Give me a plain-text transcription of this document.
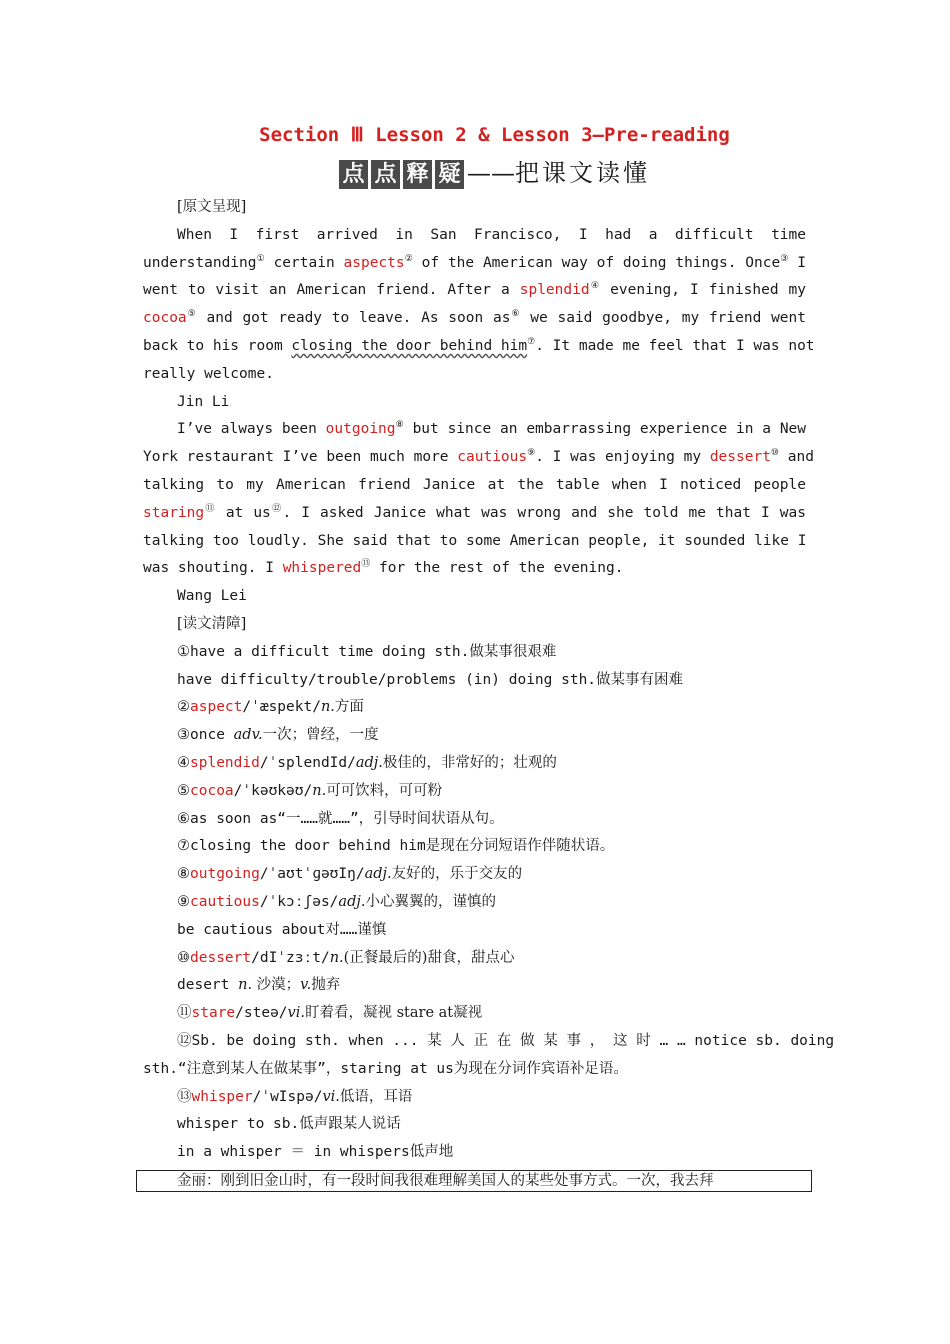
Section Ⅲ Lesson 2 & Lesson 3—Pre-reading
点 点 释 疑 ——把课文读懂
[原文呈现]
When I first arrived in San Francisco, I had a difficult time
understanding① certain aspects② of the American way of doing things. Once③ I
went to visit an American friend. After a splendid④ evening, I finished my
cocoa⑤ and got ready to leave. As soon as⑥ we said goodbye, my friend went
back to his room closing the door behind him⑦. It made me feel that I was not
really welcome.
Jin Li
I’ve always been outgoing⑧ but since an embarrassing experience in a New
York restaurant I’ve been much more cautious⑨. I was enjoying my dessert⑩ and
talking to my American friend Janice at the table when I noticed people
staring⑪ at us⑫. I asked Janice what was wrong and she told me that I was
talking too loudly. She said that to some American people, it sounded like I
was shouting. I whispered⑬ for the rest of the evening.
Wang Lei
[读文清障]
①have a difficult time doing sth.做某事很艰难
have difficulty/trouble/problems (in) doing sth.做某事有困难
②aspect/ˈæspekt/n.方面
③once adv.一次；曾经，一度
④splendid/ˈsplendId/adj.极佳的，非常好的；壮观的
⑤cocoa/ˈkəʊkəʊ/n.可可饮料，可可粉
⑥as soon as“一……就……”，引导时间状语从句。
⑦closing the door behind him是现在分词短语作伴随状语。
⑧outgoing/ˈaʊtˈɡəʊIŋ/adj.友好的，乐于交友的
⑨cautious/ˈkɔːʃəs/adj.小心翼翼的，谨慎的
be cautious about对……谨慎
⑩dessert/dIˈzɜːt/n.(正餐最后的)甜食，甜点心
desert n. 沙漠；v.抛弃
⑪stare/steə/vi.盯着看，凝视 stare at凝视
⑫Sb. be doing sth. when ... 某 人 正 在 做 某 事 ， 这 时 … … notice sb. doing
sth.“注意到某人在做某事”，staring at us为现在分词作宾语补足语。
⑬whisper/ˈwIspə/vi.低语，耳语
whisper to sb.低声跟某人说话
in a whisper ＝ in whispers低声地
金丽：刚到旧金山时，有一段时间我很难理解美国人的某些处事方式。一次，我去拜
